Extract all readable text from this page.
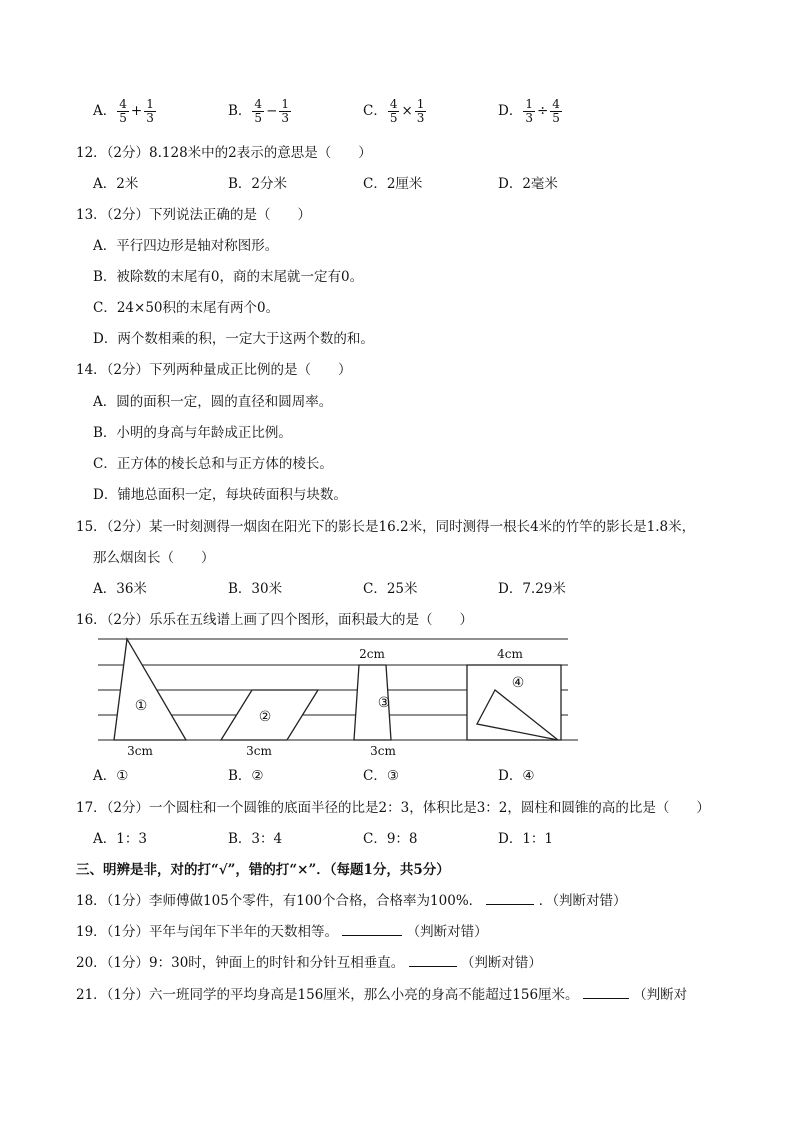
A． $\frac{4}{5} + \frac{1}{3}$	B． $\frac{4}{5} - \frac{1}{3}$	C． $\frac{4}{5} \times \frac{1}{3}$	D． $\frac{1}{3} \div \frac{4}{5}$
12．（2分）8.128米中的2表示的意思是（　　）
A．2米	B．2分米	C．2厘米	D．2毫米
13．（2分）下列说法正确的是（　　）
A．平行四边形是轴对称图形。
B．被除数的末尾有0，商的末尾就一定有0。
C．24×50积的末尾有两个0。
D．两个数相乘的积，一定大于这两个数的和。
14．（2分）下列两种量成正比例的是（　　）
A．圆的面积一定，圆的直径和圆周率。
B．小明的身高与年龄成正比例。
C．正方体的棱长总和与正方体的棱长。
D．铺地总面积一定，每块砖面积与块数。
15．（2分）某一时刻测得一烟囱在阳光下的影长是16.2米，同时测得一根长4米的竹竿的影长是1.8米，
那么烟囱长（　　）
A．36米	B．30米	C．25米	D．7.29米
16．（2分）乐乐在五线谱上画了四个图形，面积最大的是（　　）
2cm	4cm
3cm	3cm	3cm
①
②
③
④
A．①	B．②	C．③	D．④
17．（2分）一个圆柱和一个圆锥的底面半径的比是2：3，体积比是3：2，圆柱和圆锥的高的比是（　　）
A．1：3	B．3：4	C．9：8	D．1：1
三、明辨是非，对的打“√”，错的打“×”．（每题1分，共5分）
18．（1分）李师傅做105个零件，有100个合格，合格率为100%．	．（判断对错）
19．（1分）平年与闰年下半年的天数相等。	（判断对错）
20．（1分）9：30时，钟面上的时针和分针互相垂直。	（判断对错）
21．（1分）六一班同学的平均身高是156厘米，那么小亮的身高不能超过156厘米。	（判断对
